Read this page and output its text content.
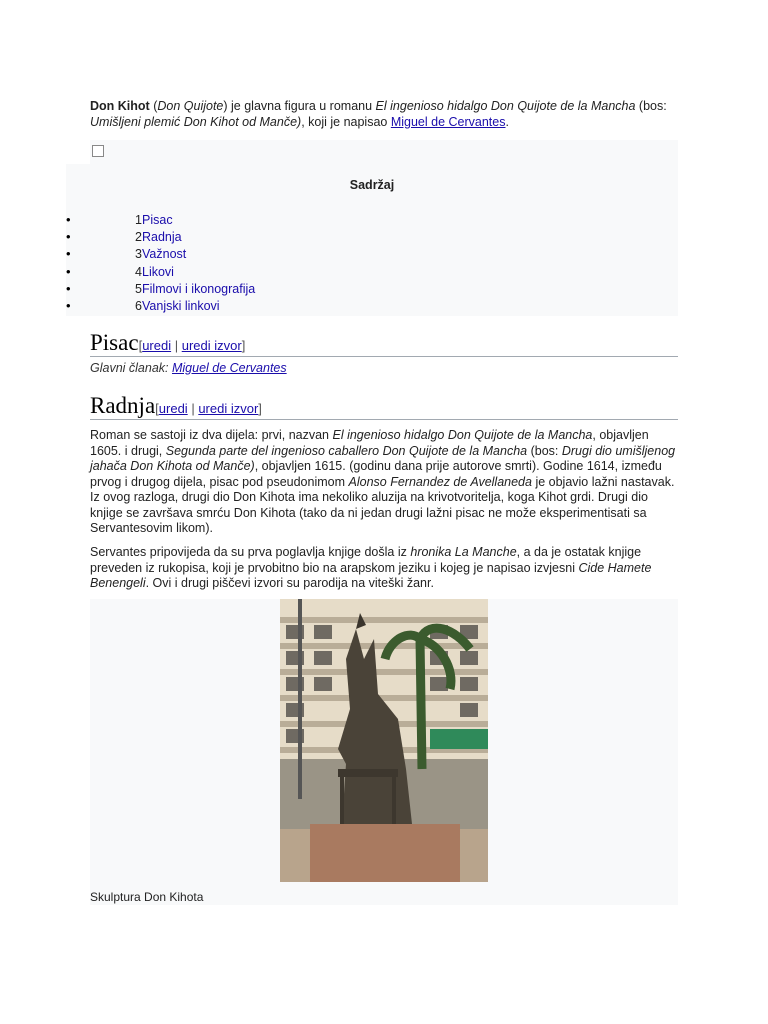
Don Kihot (Don Quijote) je glavna figura u romanu El ingenioso hidalgo Don Quijote de la Mancha (bos: Umišljeni plemić Don Kihot od Manče), koji je napisao Miguel de Cervantes.

Sadržaj
•	1 Pisac
•	2 Radnja
•	3 Važnost
•	4 Likovi
•	5 Filmovi i ikonografija
•	6 Vanjski linkovi
Pisac[uredi | uredi izvor]

Glavni članak: Miguel de Cervantes

Radnja[uredi | uredi izvor]

Roman se sastoji iz dva dijela: prvi, nazvan El ingenioso hidalgo Don Quijote de la Mancha, objavljen 1605. i drugi, Segunda parte del ingenioso caballero Don Quijote de la Mancha (bos: Drugi dio umišljenog jahača Don Kihota od Manče), objavljen 1615. (godinu dana prije autorove smrti). Godine 1614, između prvog i drugog dijela, pisac pod pseudonimom Alonso Fernandez de Avellaneda je objavio lažni nastavak. Iz ovog razloga, drugi dio Don Kihota ima nekoliko aluzija na krivotvoritelja, koga Kihot grdi. Drugi dio knjige se završava smrću Don Kihota (tako da ni jedan drugi lažni pisac ne može eksperimentisati sa Servantesovim likom).

Servantes pripovijeda da su prva poglavlja knjige došla iz hronika La Manche, a da je ostatak knjige preveden iz rukopisa, koji je prvobitno bio na arapskom jeziku i kojeg je napisao izvjesni Cide Hamete Benengeli. Ovi i drugi piščevi izvori su parodija na viteški žanr.

Skulptura Don Kihota
